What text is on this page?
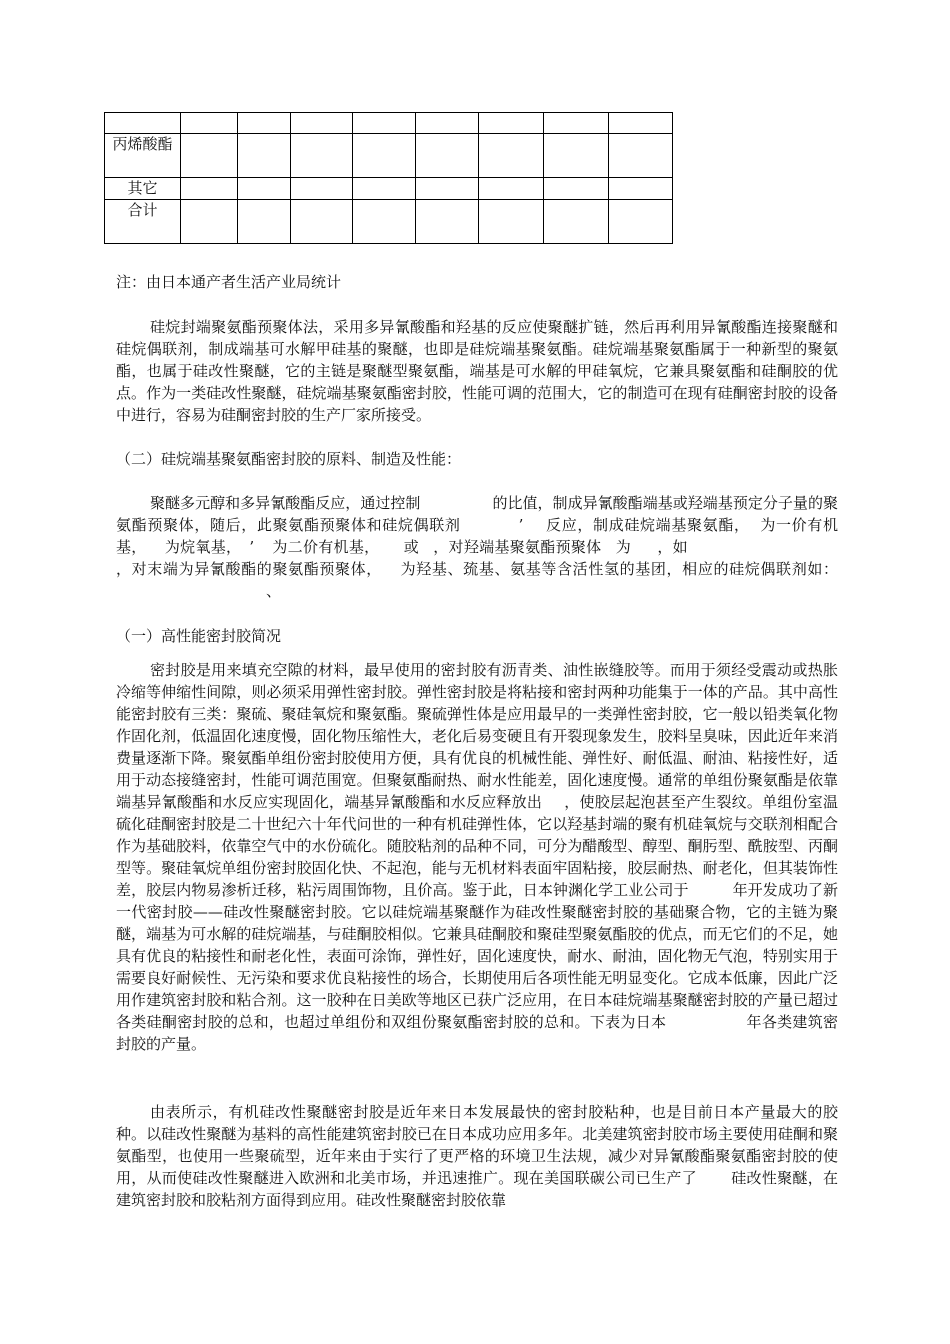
丙烯酸酯								
其它								
合计								
注：由日本通产者生活产业局统计
硅烷封端聚氨酯预聚体法，采用多异氰酸酯和羟基的反应使聚醚扩链，然后再利用异氰酸酯连接聚醚和硅烷偶联剂，制成端基可水解甲硅基的聚醚，也即是硅烷端基聚氨酯。硅烷端基聚氨酯属于一种新型的聚氨酯，也属于硅改性聚醚，它的主链是聚醚型聚氨酯，端基是可水解的甲硅氧烷，它兼具聚氨酯和硅酮胶的优点。作为一类硅改性聚醚，硅烷端基聚氨酯密封胶，性能可调的范围大，它的制造可在现有硅酮密封胶的设备中进行，容易为硅酮密封胶的生产厂家所接受。
（二）硅烷端基聚氨酯密封胶的原料、制造及性能：
聚醚多元醇和多异氰酸酯反应，通过控制	的比值，制成异氰酸酯端基或羟端基预定分子量的聚氨酯预聚体，随后，此聚氨酯预聚体和硅烷偶联剂	’ 反应，制成硅烷端基聚氨酯， 为一价有机基， 为烷氧基， ’ 为二价有机基， 或 ，对羟端基聚氨酯预聚体 为 ，如，对末端为异氰酸酯的聚氨酯预聚体， 为羟基、巯基、氨基等含活性氢的基团，相应的硅烷偶联剂如：、
（一）高性能密封胶简况
密封胶是用来填充空隙的材料，最早使用的密封胶有沥青类、油性嵌缝胶等。而用于须经受震动或热胀冷缩等伸缩性间隙，则必须采用弹性密封胶。弹性密封胶是将粘接和密封两种功能集于一体的产品。其中高性能密封胶有三类：聚硫、聚硅氧烷和聚氨酯。聚硫弹性体是应用最早的一类弹性密封胶，它一般以铅类氧化物作固化剂，低温固化速度慢，固化物压缩性大，老化后易变硬且有开裂现象发生，胶料呈臭味，因此近年来消费量逐渐下降。聚氨酯单组份密封胶使用方便，具有优良的机械性能、弹性好、耐低温、耐油、粘接性好，适用于动态接缝密封，性能可调范围宽。但聚氨酯耐热、耐水性能差，固化速度慢。通常的单组份聚氨酯是依靠端基异氰酸酯和水反应实现固化，端基异氰酸酯和水反应释放出 ，使胶层起泡甚至产生裂纹。单组份室温硫化硅酮密封胶是二十世纪六十年代问世的一种有机硅弹性体，它以羟基封端的聚有机硅氧烷与交联剂相配合作为基础胶料，依靠空气中的水份硫化。随胶粘剂的品种不同，可分为醋酸型、醇型、酮肟型、酰胺型、丙酮型等。聚硅氧烷单组份密封胶固化快、不起泡，能与无机材料表面牢固粘接，胶层耐热、耐老化，但其装饰性差，胶层内物易渗析迁移，粘污周围饰物，且价高。鉴于此，日本钟渊化学工业公司于	年开发成功了新一代密封胶——硅改性聚醚密封胶。它以硅烷端基聚醚作为硅改性聚醚密封胶的基础聚合物，它的主链为聚醚，端基为可水解的硅烷端基，与硅酮胶相似。它兼具硅酮胶和聚硅型聚氨酯胶的优点，而无它们的不足，她具有优良的粘接性和耐老化性，表面可涂饰，弹性好，固化速度快，耐水、耐油，固化物无气泡，特别实用于需要良好耐候性、无污染和要求优良粘接性的场合，长期使用后各项性能无明显变化。它成本低廉，因此广泛用作建筑密封胶和粘合剂。这一胶种在日美欧等地区已获广泛应用，在日本硅烷端基聚醚密封胶的产量已超过各类硅酮密封胶的总和，也超过单组份和双组份聚氨酯密封胶的总和。下表为日本	年各类建筑密封胶的产量。
由表所示，有机硅改性聚醚密封胶是近年来日本发展最快的密封胶粘种，也是目前日本产量最大的胶种。以硅改性聚醚为基料的高性能建筑密封胶已在日本成功应用多年。北美建筑密封胶市场主要使用硅酮和聚氨酯型，也使用一些聚硫型，近年来由于实行了更严格的环境卫生法规，减少对异氰酸酯聚氨酯密封胶的使用，从而使硅改性聚醚进入欧洲和北美市场，并迅速推广。现在美国联碳公司已生产了 硅改性聚醚，在建筑密封胶和胶粘剂方面得到应用。硅改性聚醚密封胶依靠
